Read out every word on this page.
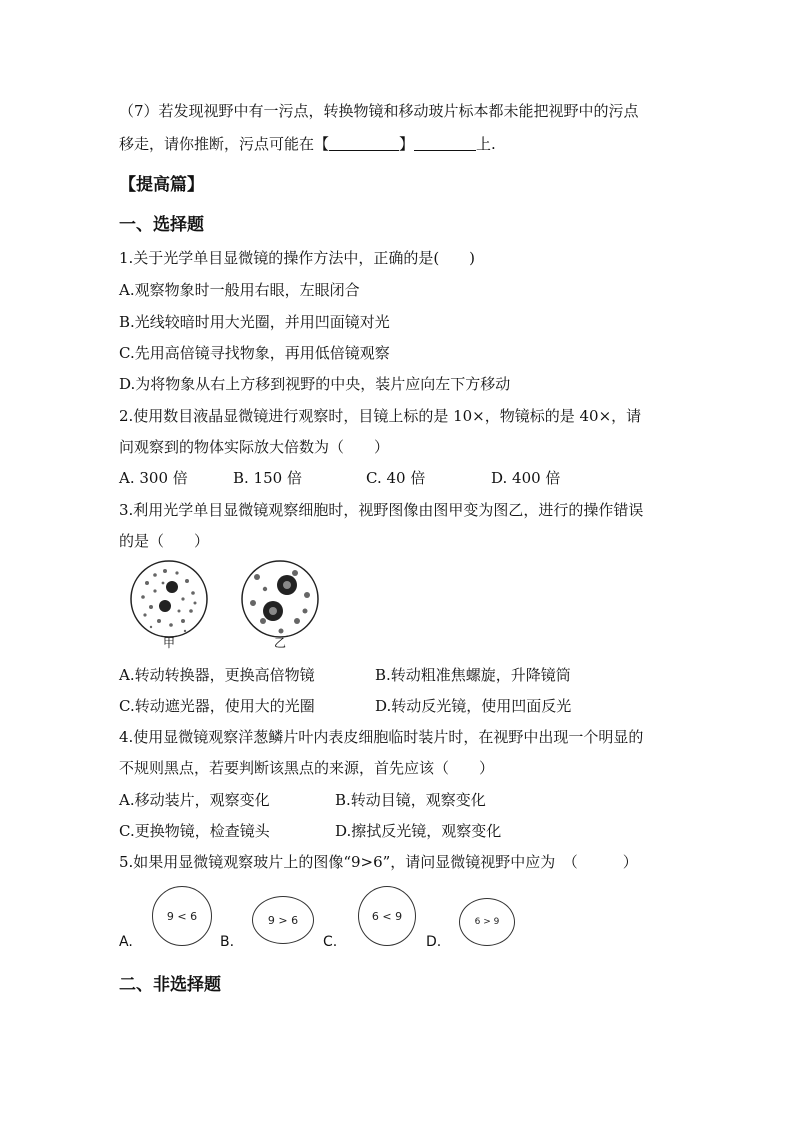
（7）若发现视野中有一污点，转换物镜和移动玻片标本都未能把视野中的污点
移走，请你推断，污点可能在【	】	上.
【提高篇】
一、选择题
1.关于光学单目显微镜的操作方法中，正确的是(　　)
A.观察物象时一般用右眼，左眼闭合
B.光线较暗时用大光圈，并用凹面镜对光
C.先用高倍镜寻找物象，再用低倍镜观察
D.为将物象从右上方移到视野的中央，装片应向左下方移动
2.使用数目液晶显微镜进行观察时，目镜上标的是 10×，物镜标的是 40×，请
问观察到的物体实际放大倍数为（　　）
A. 300 倍	B. 150 倍	C. 40 倍	D. 400 倍
3.利用光学单目显微镜观察细胞时，视野图像由图甲变为图乙，进行的操作错误
的是（　　）
甲	乙
A.转动转换器，更换高倍物镜	B.转动粗准焦螺旋，升降镜筒
C.转动遮光器，使用大的光圈	D.转动反光镜，使用凹面反光
4.使用显微镜观察洋葱鳞片叶内表皮细胞临时装片时，在视野中出现一个明显的
不规则黑点，若要判断该黑点的来源，首先应该（　　）
A.移动装片，观察变化	B.转动目镜，观察变化
C.更换物镜，检查镜头	D.擦拭反光镜，观察变化
5.如果用显微镜观察玻片上的图像“9>6”，请问显微镜视野中应为　（　　　）
A.
9 < 6
B.
9 > 6
C.
6 < 9
D.
6 > 9
二、非选择题
